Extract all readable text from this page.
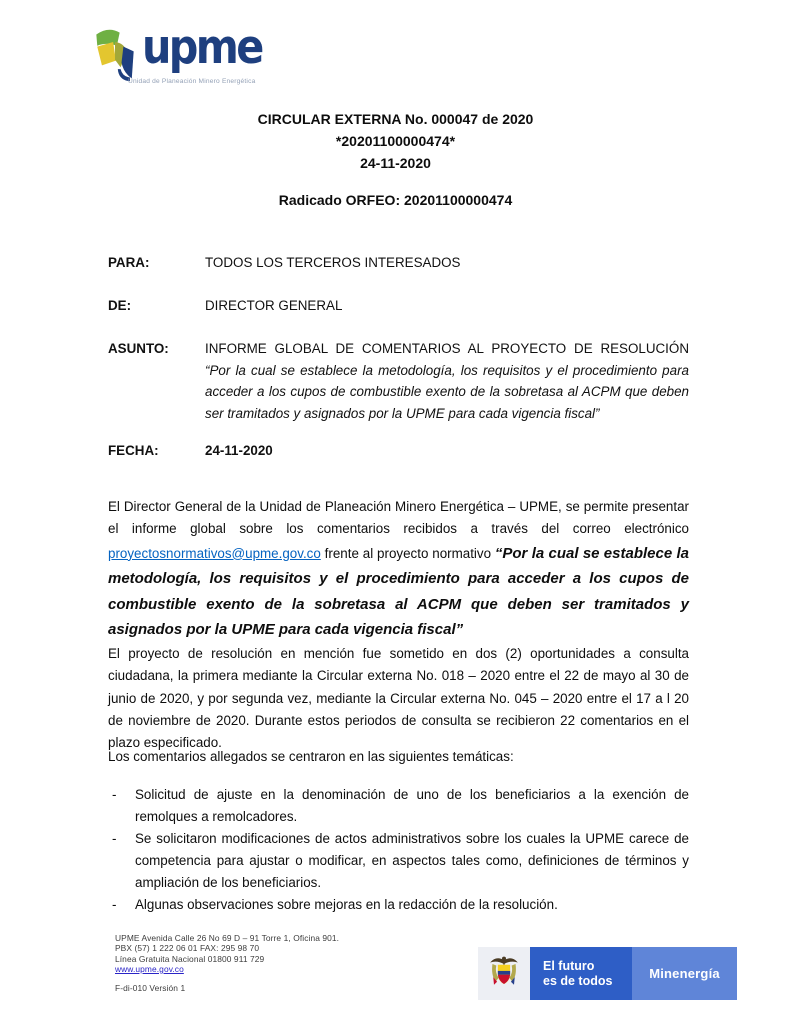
upme
Unidad de Planeación Minero Energética
CIRCULAR EXTERNA No. 000047 de 2020
*20201100000474*
24-11-2020
Radicado ORFEO: 20201100000474
PARA:	TODOS LOS TERCEROS INTERESADOS
DE:	DIRECTOR GENERAL
ASUNTO:	INFORME GLOBAL DE COMENTARIOS AL PROYECTO DE RESOLUCIÓN “Por la cual se establece la metodología, los requisitos y el procedimiento para acceder a los cupos de combustible exento de la sobretasa al ACPM que deben ser tramitados y asignados por la UPME para cada vigencia fiscal”
FECHA:	24-11-2020
El Director General de la Unidad de Planeación Minero Energética – UPME, se permite presentar el informe global sobre los comentarios recibidos a través del correo electrónico proyectosnormativos@upme.gov.co frente al proyecto normativo “Por la cual se establece la metodología, los requisitos y el procedimiento para acceder a los cupos de combustible exento de la sobretasa al ACPM que deben ser tramitados y asignados por la UPME para cada vigencia fiscal”
El proyecto de resolución en mención fue sometido en dos (2) oportunidades a consulta ciudadana, la primera mediante la Circular externa No. 018 – 2020 entre el 22 de mayo al 30 de junio de 2020, y por segunda vez, mediante la Circular externa No. 045 – 2020 entre el 17 a l 20 de noviembre de 2020. Durante estos periodos de consulta se recibieron 22 comentarios en el plazo especificado.
Los comentarios allegados se centraron en las siguientes temáticas:
- Solicitud de ajuste en la denominación de uno de los beneficiarios a la exención de remolques a remolcadores.
- Se solicitaron modificaciones de actos administrativos sobre los cuales la UPME carece de competencia para ajustar o modificar, en aspectos tales como, definiciones de términos y ampliación de los beneficiarios.
- Algunas observaciones sobre mejoras en la redacción de la resolución.
UPME Avenida Calle 26 No 69 D – 91 Torre 1, Oficina 901.
PBX (57) 1 222 06 01 FAX: 295 98 70
Línea Gratuita Nacional 01800 911 729
www.upme.gov.co
F-di-010 Versión 1
El futuro
es de todos	Minenergía
